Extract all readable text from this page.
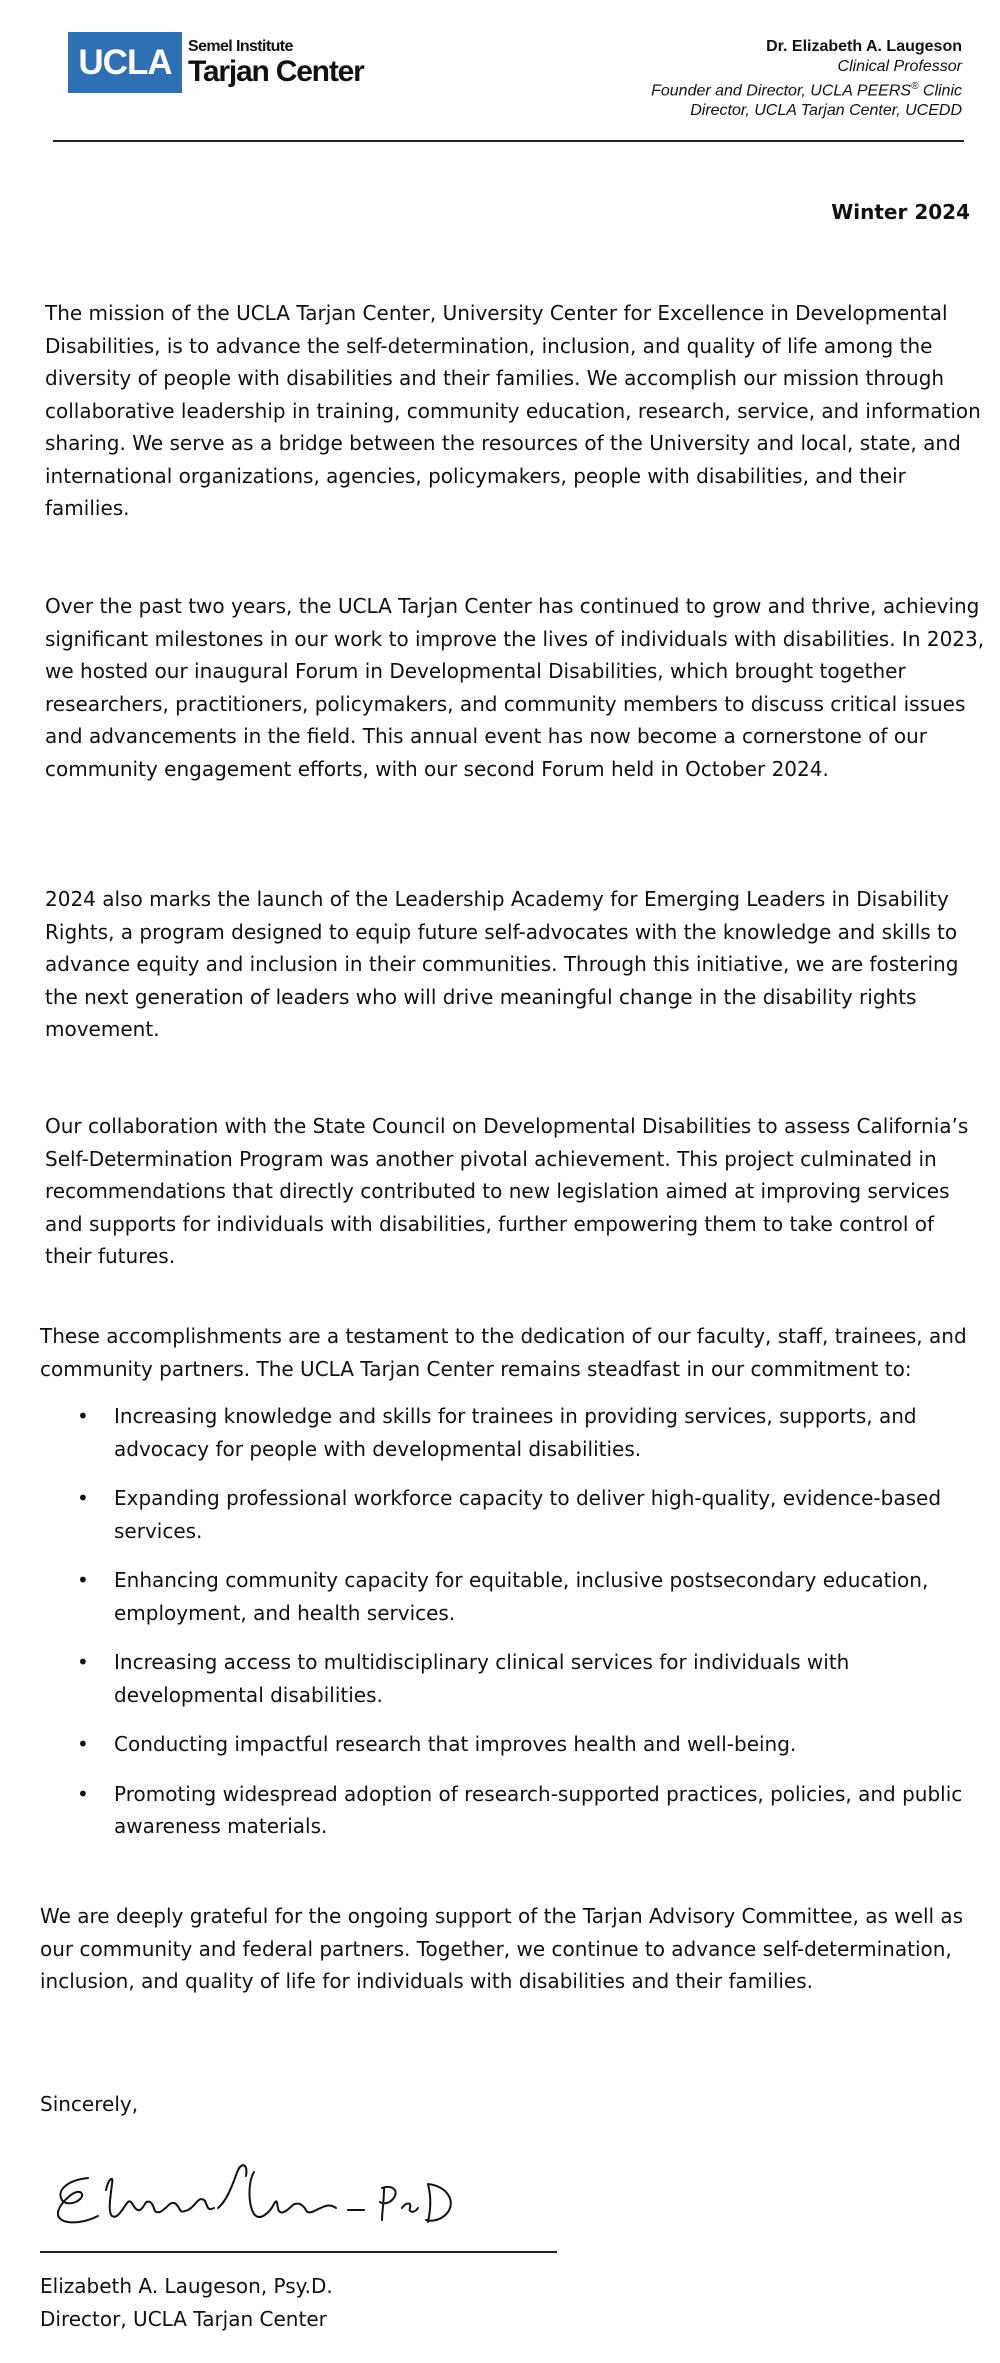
UCLA	Semel Institute
Tarjan Center
Dr. Elizabeth A. Laugeson
Clinical Professor
Founder and Director, UCLA PEERS® Clinic
Director, UCLA Tarjan Center, UCEDD
Winter 2024

The mission of the UCLA Tarjan Center, University Center for Excellence in Developmental Disabilities, is to advance the self-determination, inclusion, and quality of life among the diversity of people with disabilities and their families. We accomplish our mission through collaborative leadership in training, community education, research, service, and information sharing. We serve as a bridge between the resources of the University and local, state, and international organizations, agencies, policymakers, people with disabilities, and their families.

Over the past two years, the UCLA Tarjan Center has continued to grow and thrive, achieving significant milestones in our work to improve the lives of individuals with disabilities. In 2023, we hosted our inaugural Forum in Developmental Disabilities, which brought together researchers, practitioners, policymakers, and community members to discuss critical issues and advancements in the field. This annual event has now become a cornerstone of our community engagement efforts, with our second Forum held in October 2024.

2024 also marks the launch of the Leadership Academy for Emerging Leaders in Disability Rights, a program designed to equip future self-advocates with the knowledge and skills to advance equity and inclusion in their communities. Through this initiative, we are fostering the next generation of leaders who will drive meaningful change in the disability rights movement.

Our collaboration with the State Council on Developmental Disabilities to assess California’s Self-Determination Program was another pivotal achievement. This project culminated in recommendations that directly contributed to new legislation aimed at improving services and supports for individuals with disabilities, further empowering them to take control of their futures.

These accomplishments are a testament to the dedication of our faculty, staff, trainees, and community partners. The UCLA Tarjan Center remains steadfast in our commitment to:

• Increasing knowledge and skills for trainees in providing services, supports, and advocacy for people with developmental disabilities.
• Expanding professional workforce capacity to deliver high-quality, evidence-based services.
• Enhancing community capacity for equitable, inclusive postsecondary education, employment, and health services.
• Increasing access to multidisciplinary clinical services for individuals with developmental disabilities.
• Conducting impactful research that improves health and well-being.
• Promoting widespread adoption of research-supported practices, policies, and public awareness materials.

We are deeply grateful for the ongoing support of the Tarjan Advisory Committee, as well as our community and federal partners. Together, we continue to advance self-determination, inclusion, and quality of life for individuals with disabilities and their families.

Sincerely,
Elizabeth A. Laugeson, Psy.D.
Director, UCLA Tarjan Center
